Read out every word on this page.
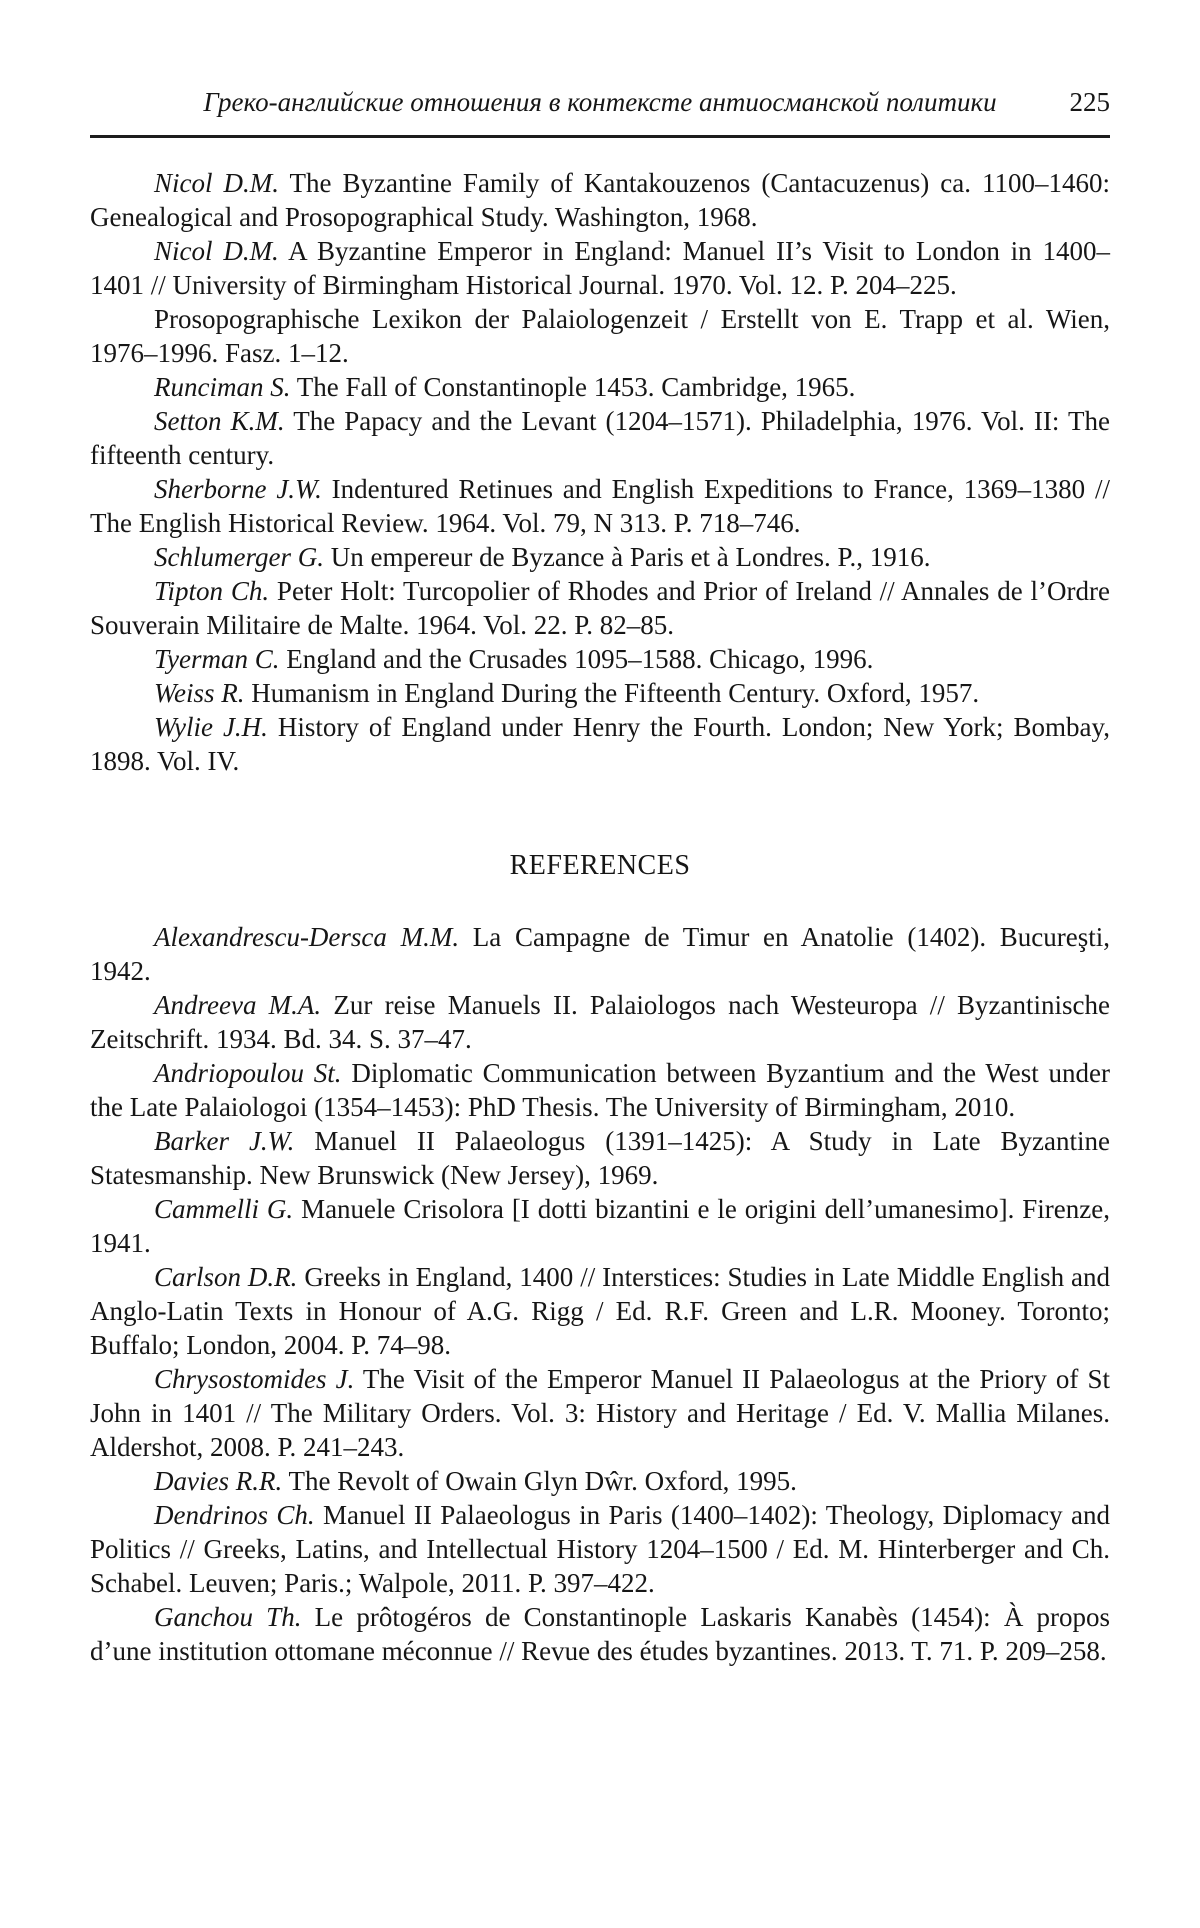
Греко-английские отношения в контексте антиосманской политики	225

Nicol D.M. The Byzantine Family of Kantakouzenos (Cantacuzenus) ca. 1100–1460: Genealogical and Prosopographical Study. Washington, 1968.

Nicol D.M. A Byzantine Emperor in England: Manuel II’s Visit to London in 1400–1401 // University of Birmingham Historical Journal. 1970. Vol. 12. P. 204–225.

Prosopographische Lexikon der Palaiologenzeit / Erstellt von E. Trapp et al. Wien, 1976–1996. Fasz. 1–12.

Runciman S. The Fall of Constantinople 1453. Cambridge, 1965.

Setton K.M. The Papacy and the Levant (1204–1571). Philadelphia, 1976. Vol. II: The fifteenth century.

Sherborne J.W. Indentured Retinues and English Expeditions to France, 1369–1380 // The English Historical Review. 1964. Vol. 79, N 313. P. 718–746.

Schlumerger G. Un empereur de Byzance à Paris et à Londres. P., 1916.

Tipton Ch. Peter Holt: Turcopolier of Rhodes and Prior of Ireland // Annales de l’Ordre Souverain Militaire de Malte. 1964. Vol. 22. P. 82–85.

Tyerman C. England and the Crusades 1095–1588. Chicago, 1996.

Weiss R. Humanism in England During the Fifteenth Century. Oxford, 1957.

Wylie J.H. History of England under Henry the Fourth. London; New York; Bombay, 1898. Vol. IV.

REFERENCES

Alexandrescu-Dersca M.M. La Campagne de Timur en Anatolie (1402). Bucureşti, 1942.

Andreeva M.A. Zur reise Manuels II. Palaiologos nach Westeuropa // Byzantinische Zeitschrift. 1934. Bd. 34. S. 37–47.

Andriopoulou St. Diplomatic Communication between Byzantium and the West under the Late Palaiologoi (1354–1453): PhD Thesis. The University of Birmingham, 2010.

Barker J.W. Manuel II Palaeologus (1391–1425): A Study in Late Byzantine Statesmanship. New Brunswick (New Jersey), 1969.

Cammelli G. Manuele Crisolora [I dotti bizantini e le origini dell’umanesimo]. Firenze, 1941.

Carlson D.R. Greeks in England, 1400 // Interstices: Studies in Late Middle English and Anglo-Latin Texts in Honour of A.G. Rigg / Ed. R.F. Green and L.R. Mooney. Toronto; Buffalo; London, 2004. P. 74–98.

Chrysostomides J. The Visit of the Emperor Manuel II Palaeologus at the Priory of St John in 1401 // The Military Orders. Vol. 3: History and Heritage / Ed. V. Mallia Milanes. Aldershot, 2008. P. 241–243.

Davies R.R. The Revolt of Owain Glyn Dŵr. Oxford, 1995.

Dendrinos Ch. Manuel II Palaeologus in Paris (1400–1402): Theology, Diplomacy and Politics // Greeks, Latins, and Intellectual History 1204–1500 / Ed. M. Hinterberger and Ch. Schabel. Leuven; Paris.; Walpole, 2011. P. 397–422.

Ganchou Th. Le prôtogéros de Constantinople Laskaris Kanabès (1454): À propos d’une institution ottomane méconnue // Revue des études byzantines. 2013. T. 71. P. 209–258.
